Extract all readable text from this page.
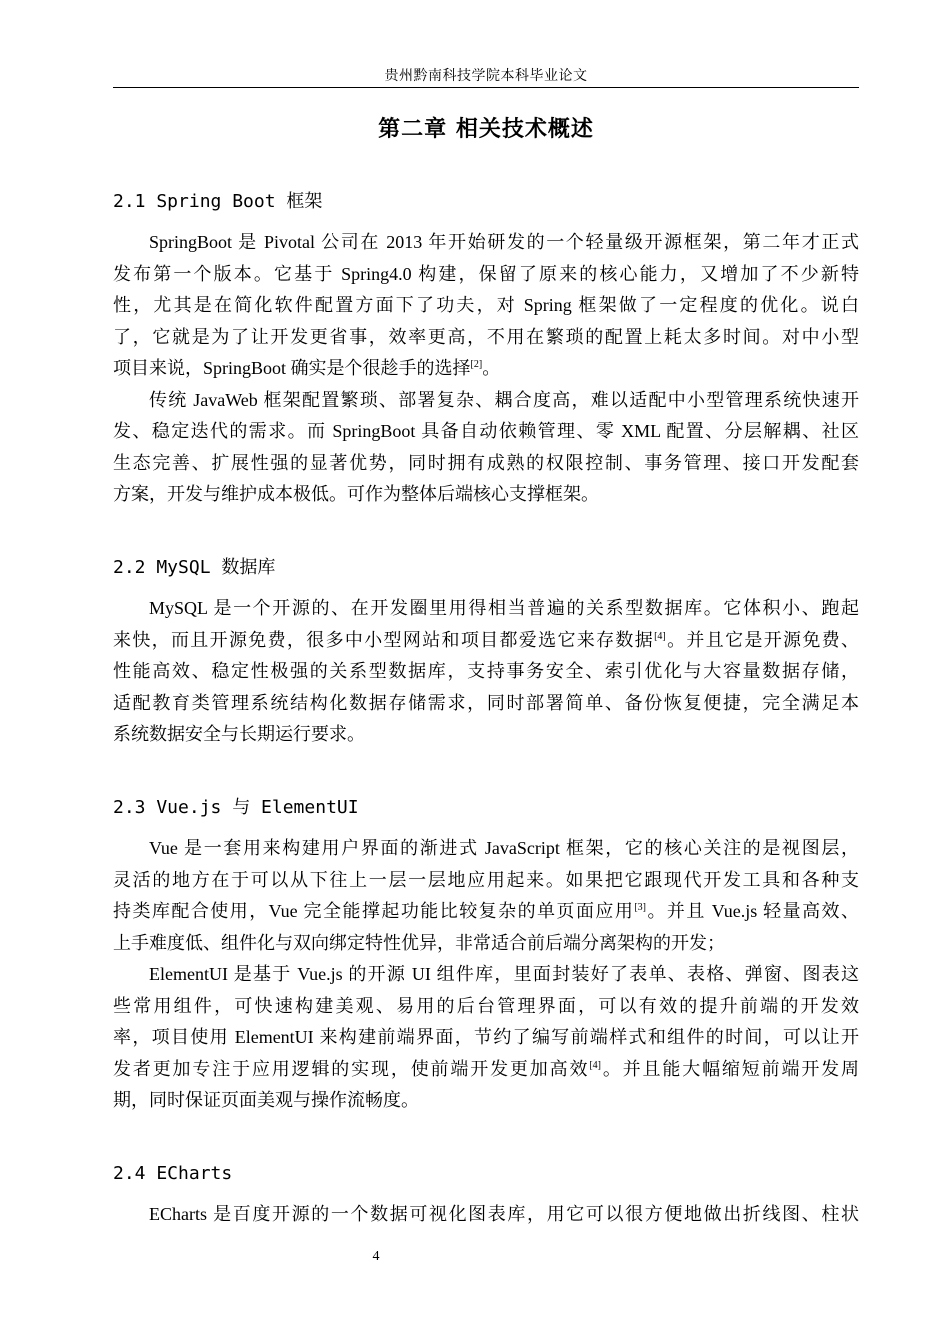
贵州黔南科技学院本科毕业论文
第二章 相关技术概述
2.1 Spring Boot 框架
SpringBoot 是 Pivotal 公司在 2013 年开始研发的一个轻量级开源框架，第二年才正式
发布第一个版本。它基于 Spring4.0 构建，保留了原来的核心能力，又增加了不少新特
性，尤其是在简化软件配置方面下了功夫，对 Spring 框架做了一定程度的优化。说白
了，它就是为了让开发更省事，效率更高，不用在繁琐的配置上耗太多时间。对中小型
项目来说，SpringBoot 确实是个很趁手的选择[2]。
传统 JavaWeb 框架配置繁琐、部署复杂、耦合度高，难以适配中小型管理系统快速开
发、稳定迭代的需求。而 SpringBoot 具备自动依赖管理、零 XML 配置、分层解耦、社区
生态完善、扩展性强的显著优势，同时拥有成熟的权限控制、事务管理、接口开发配套
方案，开发与维护成本极低。可作为整体后端核心支撑框架。
2.2 MySQL 数据库
MySQL 是一个开源的、在开发圈里用得相当普遍的关系型数据库。它体积小、跑起
来快，而且开源免费，很多中小型网站和项目都爱选它来存数据[4]。并且它是开源免费、
性能高效、稳定性极强的关系型数据库，支持事务安全、索引优化与大容量数据存储，
适配教育类管理系统结构化数据存储需求，同时部署简单、备份恢复便捷，完全满足本
系统数据安全与长期运行要求。
2.3 Vue.js 与 ElementUI
Vue 是一套用来构建用户界面的渐进式 JavaScript 框架，它的核心关注的是视图层，
灵活的地方在于可以从下往上一层一层地应用起来。如果把它跟现代开发工具和各种支
持类库配合使用，Vue 完全能撑起功能比较复杂的单页面应用[3]。并且 Vue.js 轻量高效、
上手难度低、组件化与双向绑定特性优异，非常适合前后端分离架构的开发；
ElementUI 是基于 Vue.js 的开源 UI 组件库，里面封装好了表单、表格、弹窗、图表这
些常用组件，可快速构建美观、易用的后台管理界面，可以有效的提升前端的开发效
率，项目使用 ElementUI 来构建前端界面，节约了编写前端样式和组件的时间，可以让开
发者更加专注于应用逻辑的实现，使前端开发更加高效[4]。并且能大幅缩短前端开发周
期，同时保证页面美观与操作流畅度。
2.4 ECharts
ECharts 是百度开源的一个数据可视化图表库，用它可以很方便地做出折线图、柱状
4
